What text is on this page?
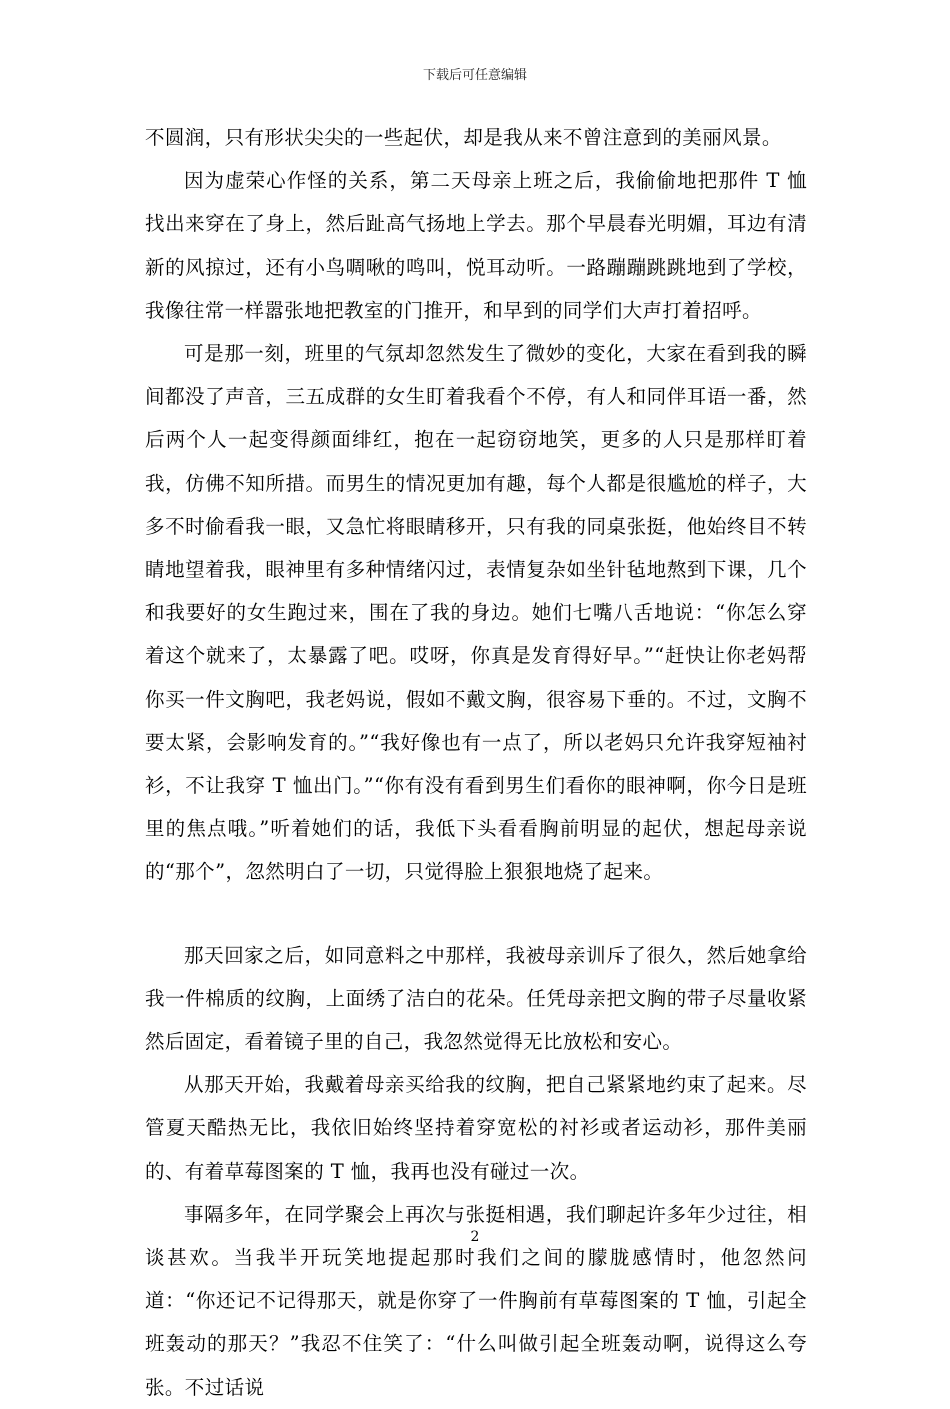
下载后可任意编辑

不圆润，只有形状尖尖的一些起伏，却是我从来不曾注意到的美丽风景。

因为虚荣心作怪的关系，第二天母亲上班之后，我偷偷地把那件 T 恤找出来穿在了身上，然后趾高气扬地上学去。那个早晨春光明媚，耳边有清新的风掠过，还有小鸟啁啾的鸣叫，悦耳动听。一路蹦蹦跳跳地到了学校，我像往常一样嚣张地把教室的门推开，和早到的同学们大声打着招呼。

可是那一刻，班里的气氛却忽然发生了微妙的变化，大家在看到我的瞬间都没了声音，三五成群的女生盯着我看个不停，有人和同伴耳语一番，然后两个人一起变得颜面绯红，抱在一起窃窃地笑，更多的人只是那样盯着我，仿佛不知所措。而男生的情况更加有趣，每个人都是很尴尬的样子，大多不时偷看我一眼，又急忙将眼睛移开，只有我的同桌张挺，他始终目不转睛地望着我，眼神里有多种情绪闪过，表情复杂如坐针毡地熬到下课，几个和我要好的女生跑过来，围在了我的身边。她们七嘴八舌地说：“你怎么穿着这个就来了，太暴露了吧。哎呀，你真是发育得好早。”“赶快让你老妈帮你买一件文胸吧，我老妈说，假如不戴文胸，很容易下垂的。不过，文胸不要太紧，会影响发育的。”“我好像也有一点了，所以老妈只允许我穿短袖衬衫，不让我穿 T 恤出门。”“你有没有看到男生们看你的眼神啊，你今日是班里的焦点哦。”听着她们的话，我低下头看看胸前明显的起伏，想起母亲说的“那个”，忽然明白了一切，只觉得脸上狠狠地烧了起来。

那天回家之后，如同意料之中那样，我被母亲训斥了很久，然后她拿给我一件棉质的纹胸，上面绣了洁白的花朵。任凭母亲把文胸的带子尽量收紧然后固定，看着镜子里的自己，我忽然觉得无比放松和安心。

从那天开始，我戴着母亲买给我的纹胸，把自己紧紧地约束了起来。尽管夏天酷热无比，我依旧始终坚持着穿宽松的衬衫或者运动衫，那件美丽的、有着草莓图案的 T 恤，我再也没有碰过一次。

事隔多年，在同学聚会上再次与张挺相遇，我们聊起许多年少过往，相谈甚欢。当我半开玩笑地提起那时我们之间的朦胧感情时，他忽然问道：“你还记不记得那天，就是你穿了一件胸前有草莓图案的 T 恤，引起全班轰动的那天？”我忍不住笑了：“什么叫做引起全班轰动啊，说得这么夸张。不过话说

2
